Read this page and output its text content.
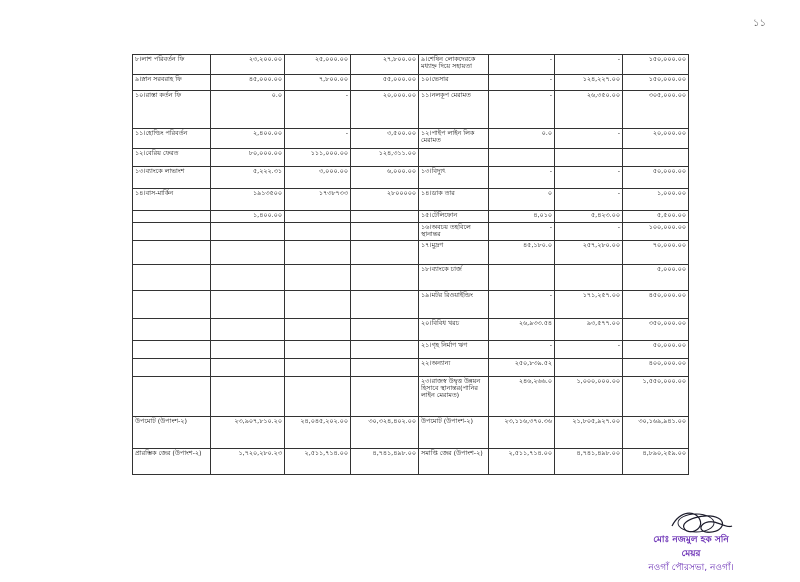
১১
৮।লাশ পরিবর্তন ফি	২৩,২০০.০০	২৫,০০০.০০	২৭,৮০০.০০	৯।শেষিন লোকদেরকে মধ্যাহ্ন দিয়ে সহায়তা	-	-	১৫০,০০০.০০
৯।স্নান সরবরাহ ফি	৪৫,০০০.০০	৭,৮০০.০০	৫৫,০০০.০০	১০।ভেসার	-	১২৪,২২৭.০০	১৫০,০০০.০০
১০।রাস্তা কর্তন ফি	০.০	-	২০,০০০.০০	১১।নলকূপ মেরামত	-	২৬,৩৫০.০০	৩০৫,০০০.০০
১১।হোল্ডিং পরিবর্তন	২,৪০০.০০	-	৩,৫০০.০০	১২।পাইপ লাইন লিক মেরামত	০.০	-	২০,০০০.০০
১২।বেরিয় ফেরত	৮০,০০০.০০	১১১,০০০.০০	১২৪,৩১১.০০				
১৩।ব্যাংকে লাভাংশ	৫,২২২.৩১	৩,০০০.০০	৬,০০০.০০	১৩।বিদ্যুৎ	-	-	৫০,০০০.০০
১৪।বাস-মার্কিন	১৯১৩৫০০	১৭৩৮৭৩৩	২৮০০০০০	১৪।ডাক তার	০	-	১,০০০.০০
	১,৪০০.০০			১৫।টেলিফোন	৪,০১০	৫,৪২৩.০০	৫,৫০০.০০
				১৬।অবচয় তহবিলে স্থানান্তর	-	-	১০০,০০০.০০
				১৭।মুদ্রণ	৪৫,১৮০.০	২৫৭,২৮০.০০	৭০,০০০.০০
				১৮।ব্যাংকে চার্জ			৫,০০০.০০
				১৯।মটর রিওয়াইন্ডিং	-	১৭১,২৫৭.০০	৪৫০,০০০.০০
				২০।বিবিধ খরচ	২৬,৯৩৩.৫৪	৯৩,৫৭৭.০০	৩৫০,০০০.০০
				২১।গৃহ নির্মাণ ঋণ	-	-	৫০,০০০.০০
				২২।অন্যান্য	২৫০,৮৩৯.৫২		৪০০,০০০.০০
				২৩।রাজস্ব উদ্বৃত্ত উন্নয়ন হিসাবে স্থানান্তর(পানির লাইন মেরামত)	২৪৬,২৬৬.০	১,০০০,০০০.০০	১,৫৫০,০০০.০০
উপমোট (উপাংশ-২)	২৩,৯০৭,৮১০.২০	২৪,০৪৫,২০২.০০	৩০,৩২৪,৪০২.০০	উপমোট (উপাংশ-২)	২৩,১১৬,৩৭০.৩৬	২১,৮০৫,৯২৭.০০	৩০,১৬৯,৯৪১.০০
প্রারম্ভিক জের (উপাংশ-২)	১,৭২০,২৮০.২৩	২,৫১১,৭১৪.০০	৪,৭৪১,৪৯৮.০০	সমাপ্তি জের (উপাংশ-২)	২,৫১১,৭১৪.০০	৪,৭৪১,৪৯৮.০০	৪,৮৯০,২৫৯.০০
মোঃ নজমুল হক সনি
মেয়র
নওগাঁ পৌরসভা, নওগাঁ।
